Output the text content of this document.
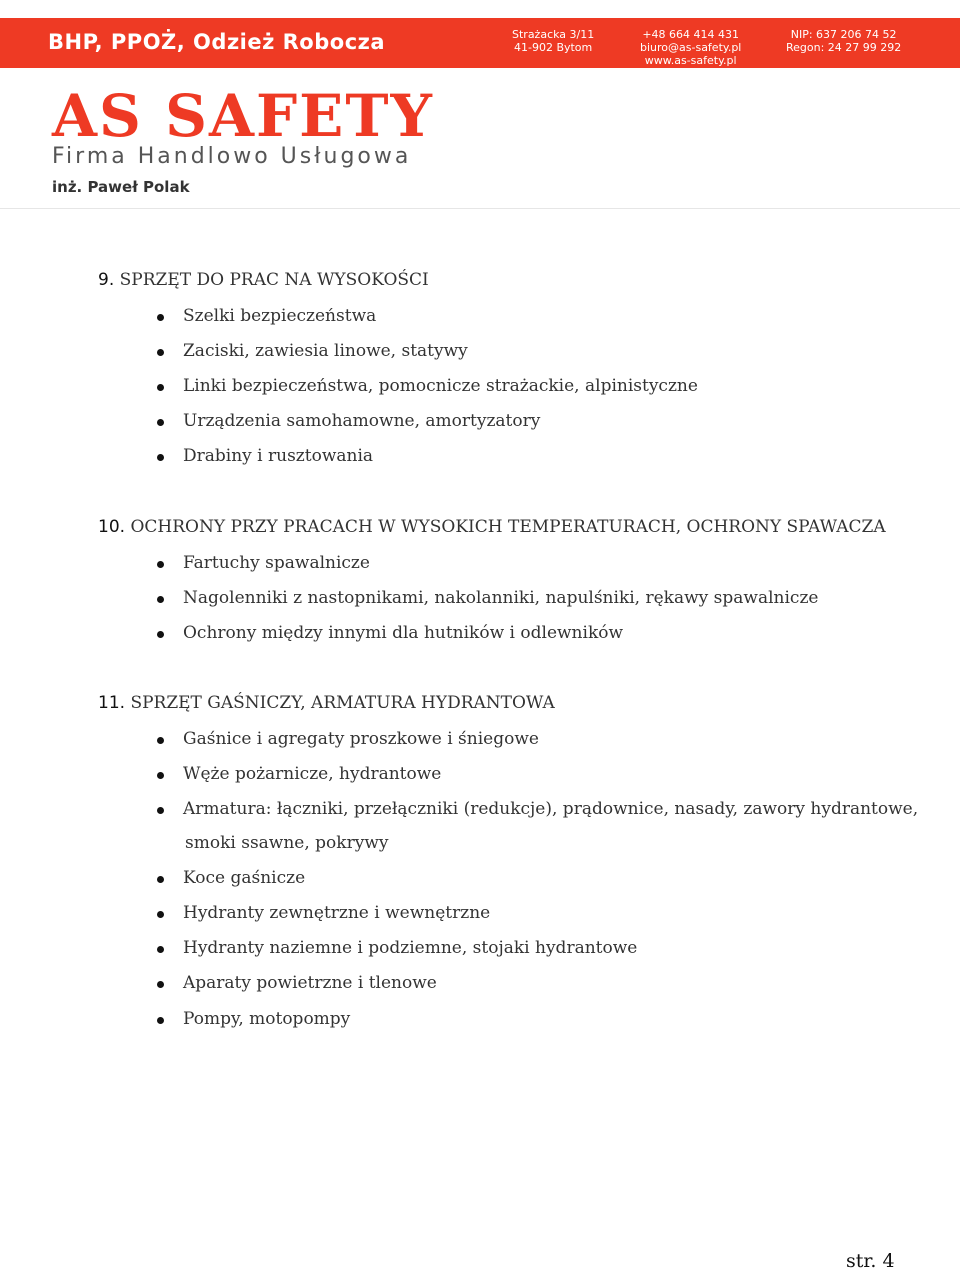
BHP, PPOŻ, Odzież Robocza	Strażacka 3/11
41-902 Bytom
+48 664 414 431
biuro@as-safety.pl
www.as-safety.pl
NIP: 637 206 74 52
Regon: 24 27 99 292
AS SAFETY
Firma Handlowo Usługowa
inż. Paweł Polak
9. SPRZĘT DO PRAC NA WYSOKOŚCI
Szelki bezpieczeństwa
Zaciski, zawiesia linowe, statywy
Linki bezpieczeństwa, pomocnicze strażackie, alpinistyczne
Urządzenia samohamowne, amortyzatory
Drabiny i rusztowania
10. OCHRONY PRZY PRACACH W WYSOKICH TEMPERATURACH, OCHRONY SPAWACZA
Fartuchy spawalnicze
Nagolenniki z nastopnikami, nakolanniki, napulśniki, rękawy spawalnicze
Ochrony między innymi dla hutników i odlewników
11. SPRZĘT GAŚNICZY, ARMATURA HYDRANTOWA
Gaśnice i agregaty proszkowe i śniegowe
Węże pożarnicze, hydrantowe
Armatura: łączniki, przełączniki (redukcje), prądownice, nasady, zawory hydrantowe,
smoki ssawne, pokrywy
Koce gaśnicze
Hydranty zewnętrzne i wewnętrzne
Hydranty naziemne i podziemne, stojaki hydrantowe
Aparaty powietrzne i tlenowe
Pompy, motopompy
str. 4
